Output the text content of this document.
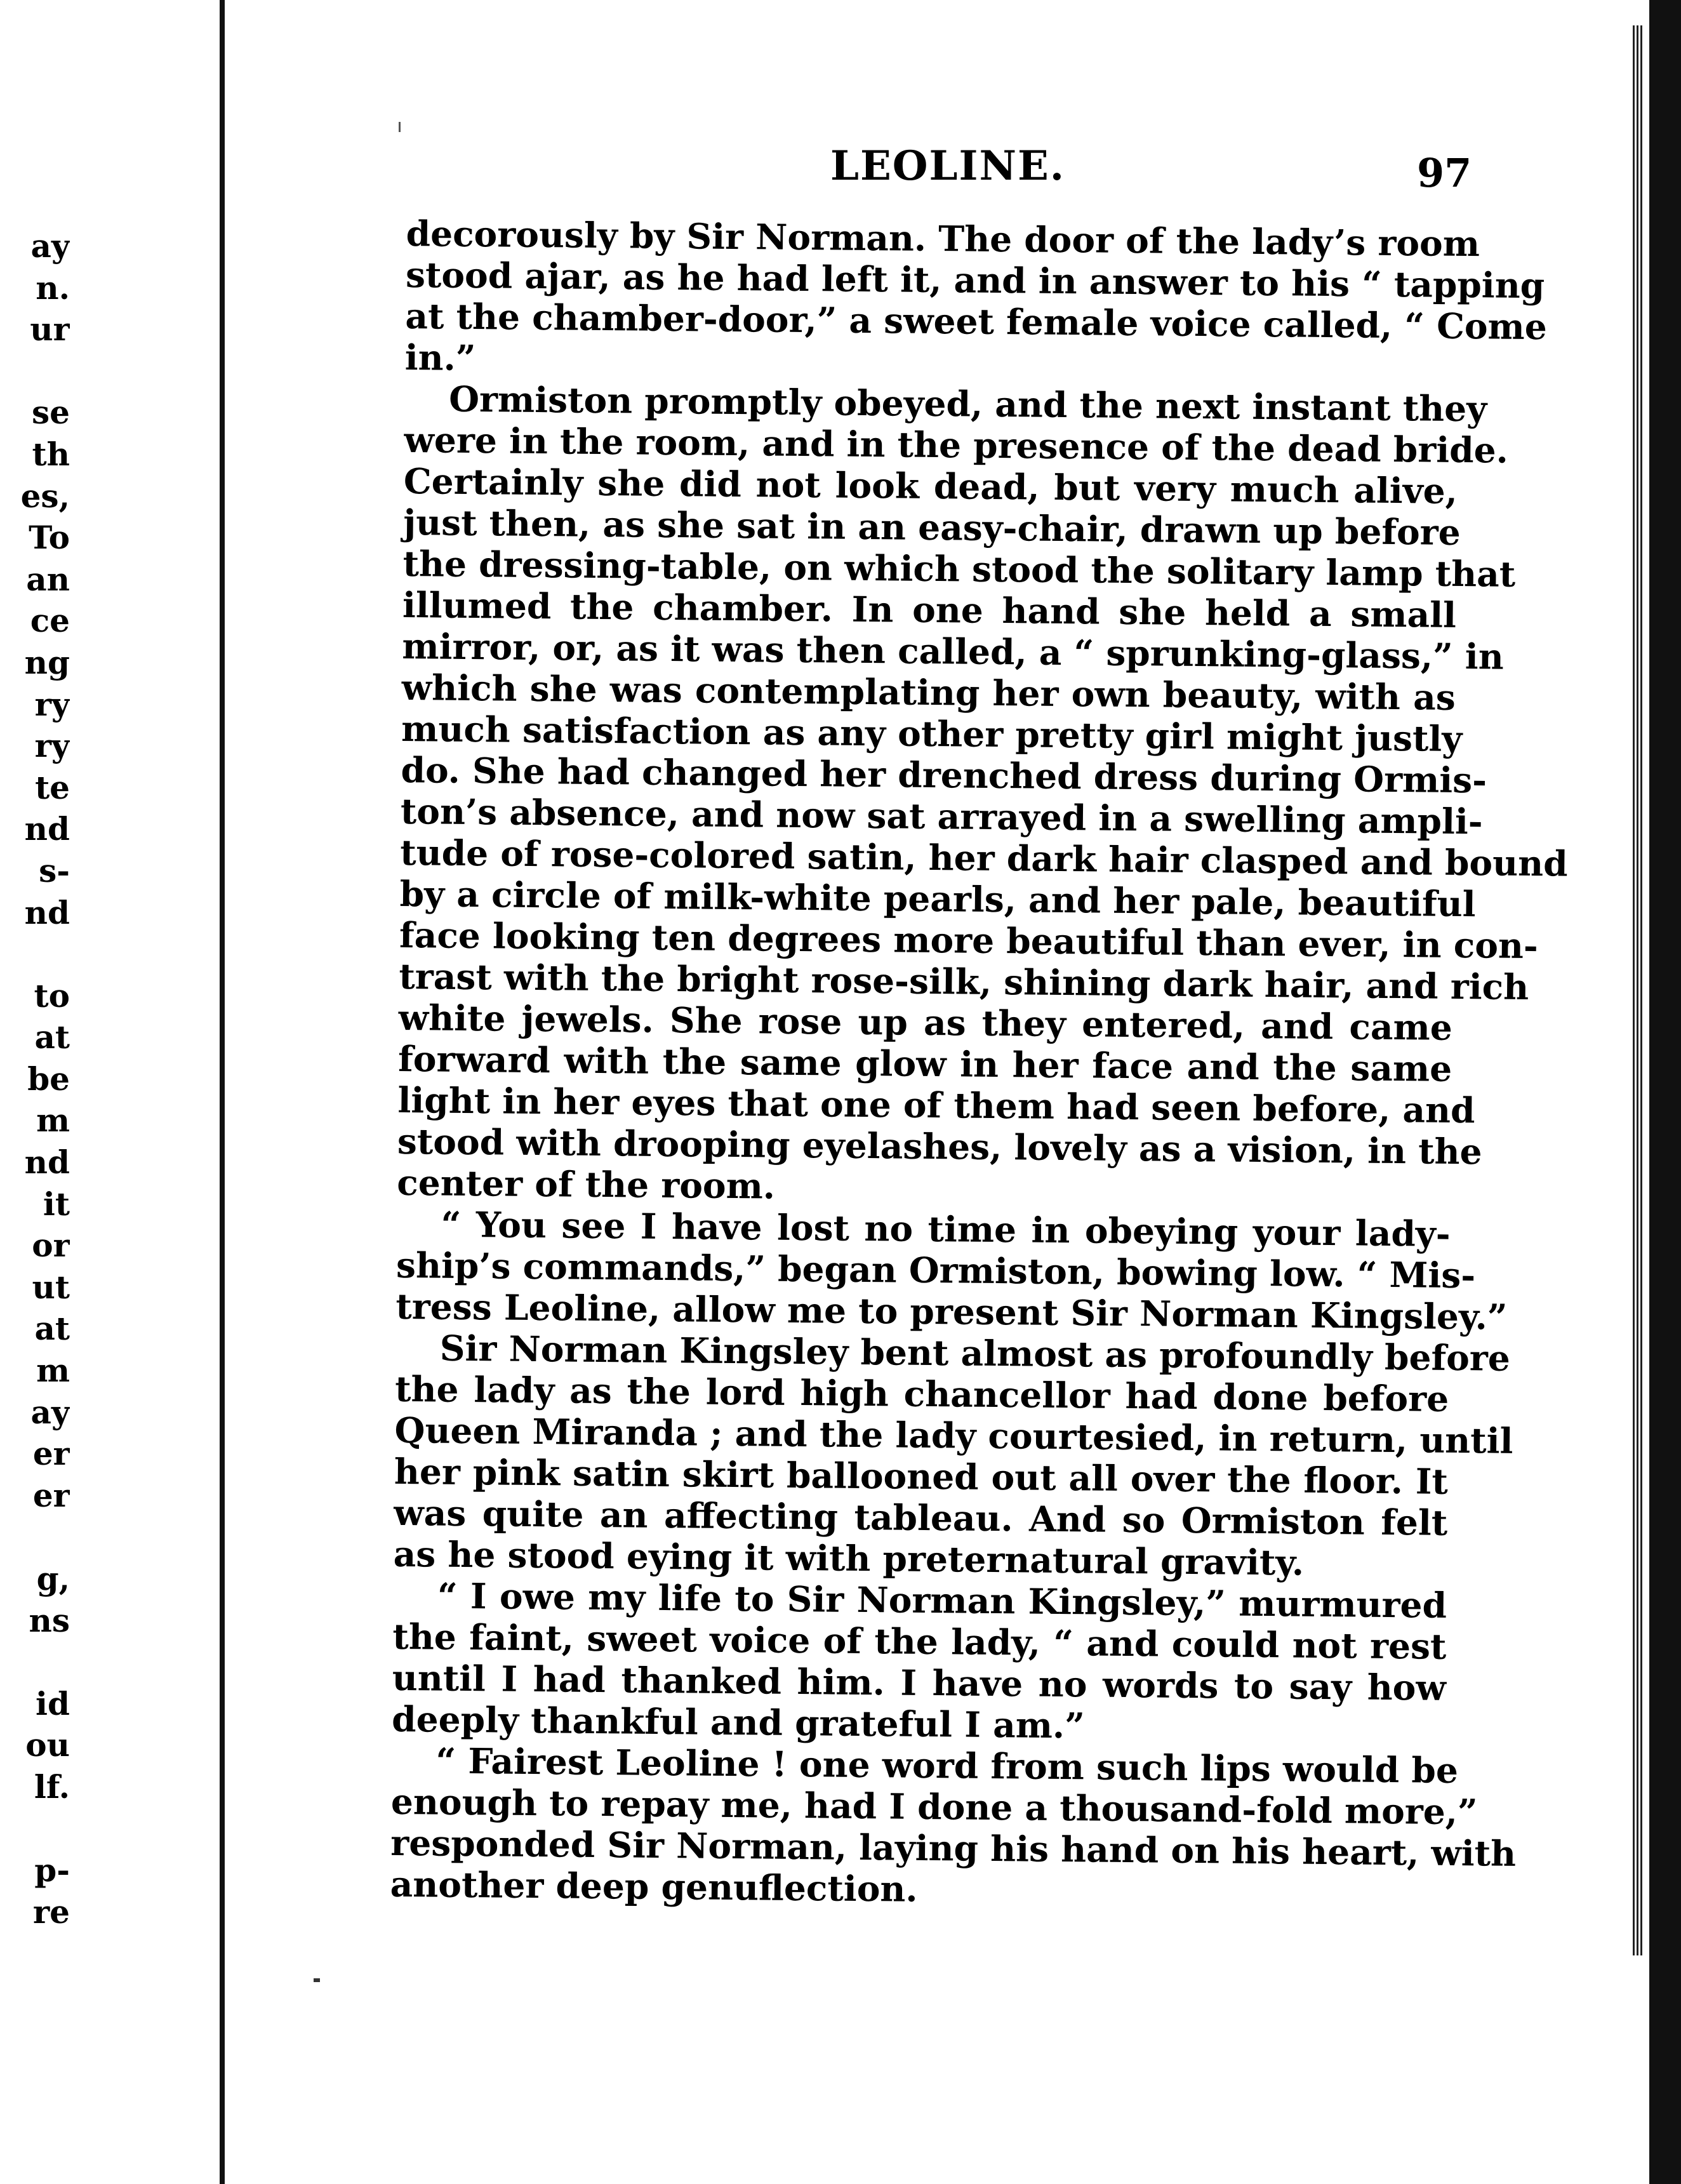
ay
n.
ur
se
th
es,
To
an
ce
ng
ry
ry
te
nd
s-
nd
to
at
be
m
nd
it
or
ut
at
m
ay
er
er
g,
ns
id
ou
lf.
p-
re
LEOLINE.	97
decorously by Sir Norman. The door of the lady’s room
stood ajar, as he had left it, and in answer to his “ tapping
at the chamber-door,” a sweet female voice called, “ Come
in.”
Ormiston promptly obeyed, and the next instant they
were in the room, and in the presence of the dead bride.
Certainly she did not look dead, but very much alive,
just then, as she sat in an easy-chair, drawn up before
the dressing-table, on which stood the solitary lamp that
illumed the chamber. In one hand she held a small
mirror, or, as it was then called, a “ sprunking-glass,” in
which she was contemplating her own beauty, with as
much satisfaction as any other pretty girl might justly
do. She had changed her drenched dress during Ormis-
ton’s absence, and now sat arrayed in a swelling ampli-
tude of rose-colored satin, her dark hair clasped and bound
by a circle of milk-white pearls, and her pale, beautiful
face looking ten degrees more beautiful than ever, in con-
trast with the bright rose-silk, shining dark hair, and rich
white jewels. She rose up as they entered, and came
forward with the same glow in her face and the same
light in her eyes that one of them had seen before, and
stood with drooping eyelashes, lovely as a vision, in the
center of the room.
“ You see I have lost no time in obeying your lady-
ship’s commands,” began Ormiston, bowing low. “ Mis-
tress Leoline, allow me to present Sir Norman Kingsley.”
Sir Norman Kingsley bent almost as profoundly before
the lady as the lord high chancellor had done before
Queen Miranda ; and the lady courtesied, in return, until
her pink satin skirt ballooned out all over the floor. It
was quite an affecting tableau. And so Ormiston felt
as he stood eying it with preternatural gravity.
“ I owe my life to Sir Norman Kingsley,” murmured
the faint, sweet voice of the lady, “ and could not rest
until I had thanked him. I have no words to say how
deeply thankful and grateful I am.”
“ Fairest Leoline ! one word from such lips would be
enough to repay me, had I done a thousand-fold more,”
responded Sir Norman, laying his hand on his heart, with
another deep genuflection.
